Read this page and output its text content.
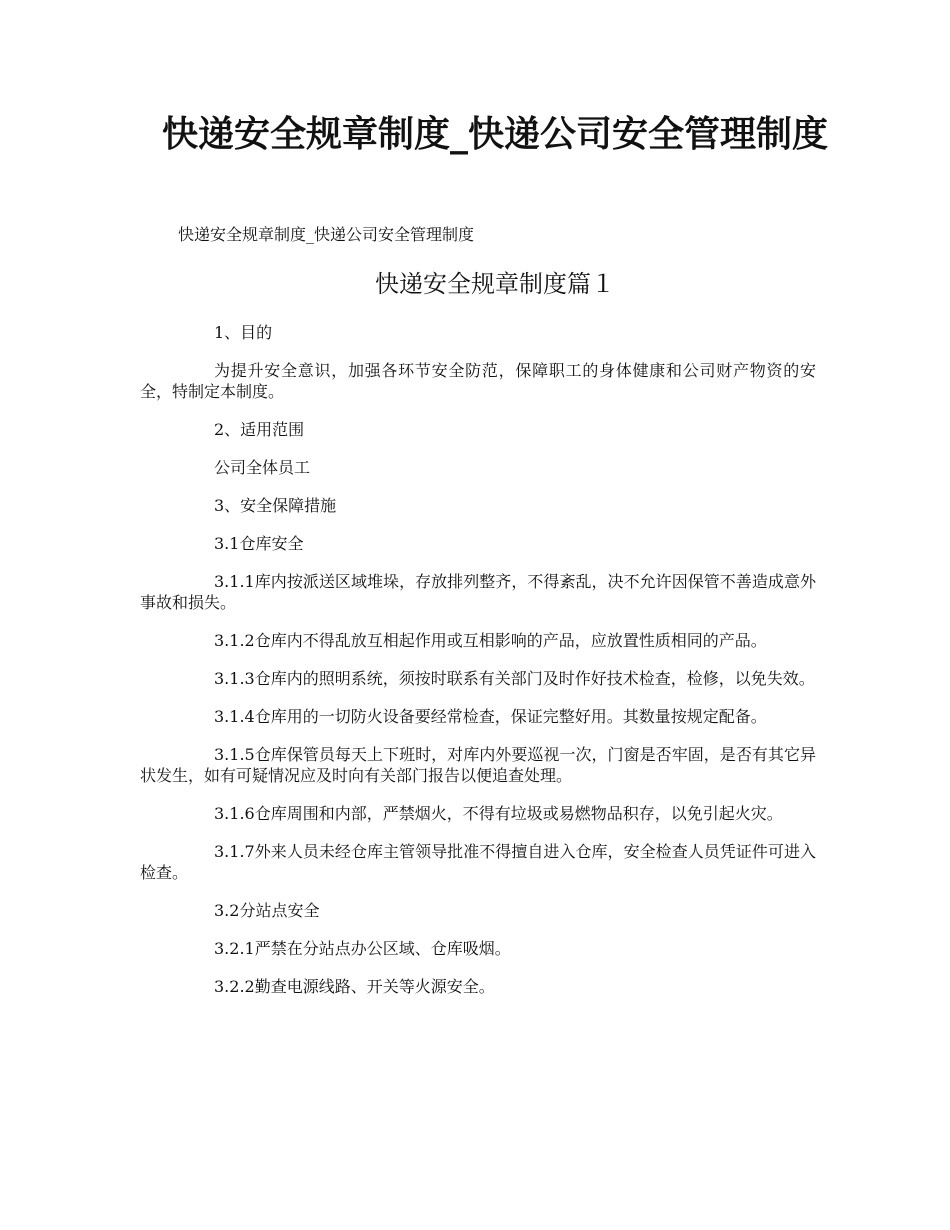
快递安全规章制度_快递公司安全管理制度

快递安全规章制度_快递公司安全管理制度

快递安全规章制度篇１

1、目的

为提升安全意识，加强各环节安全防范，保障职工的身体健康和公司财产物资的安全，特制定本制度。

2、适用范围

公司全体员工

3、安全保障措施

3.1仓库安全

3.1.1库内按派送区域堆垛，存放排列整齐，不得紊乱，决不允许因保管不善造成意外事故和损失。

3.1.2仓库内不得乱放互相起作用或互相影响的产品，应放置性质相同的产品。

3.1.3仓库内的照明系统，须按时联系有关部门及时作好技术检查，检修，以免失效。

3.1.4仓库用的一切防火设备要经常检查，保证完整好用。其数量按规定配备。

3.1.5仓库保管员每天上下班时，对库内外要巡视一次，门窗是否牢固，是否有其它异状发生，如有可疑情况应及时向有关部门报告以便追查处理。

3.1.6仓库周围和内部，严禁烟火，不得有垃圾或易燃物品积存，以免引起火灾。

3.1.7外来人员未经仓库主管领导批准不得擅自进入仓库，安全检查人员凭证件可进入检查。

3.2分站点安全

3.2.1严禁在分站点办公区域、仓库吸烟。

3.2.2勤查电源线路、开关等火源安全。
